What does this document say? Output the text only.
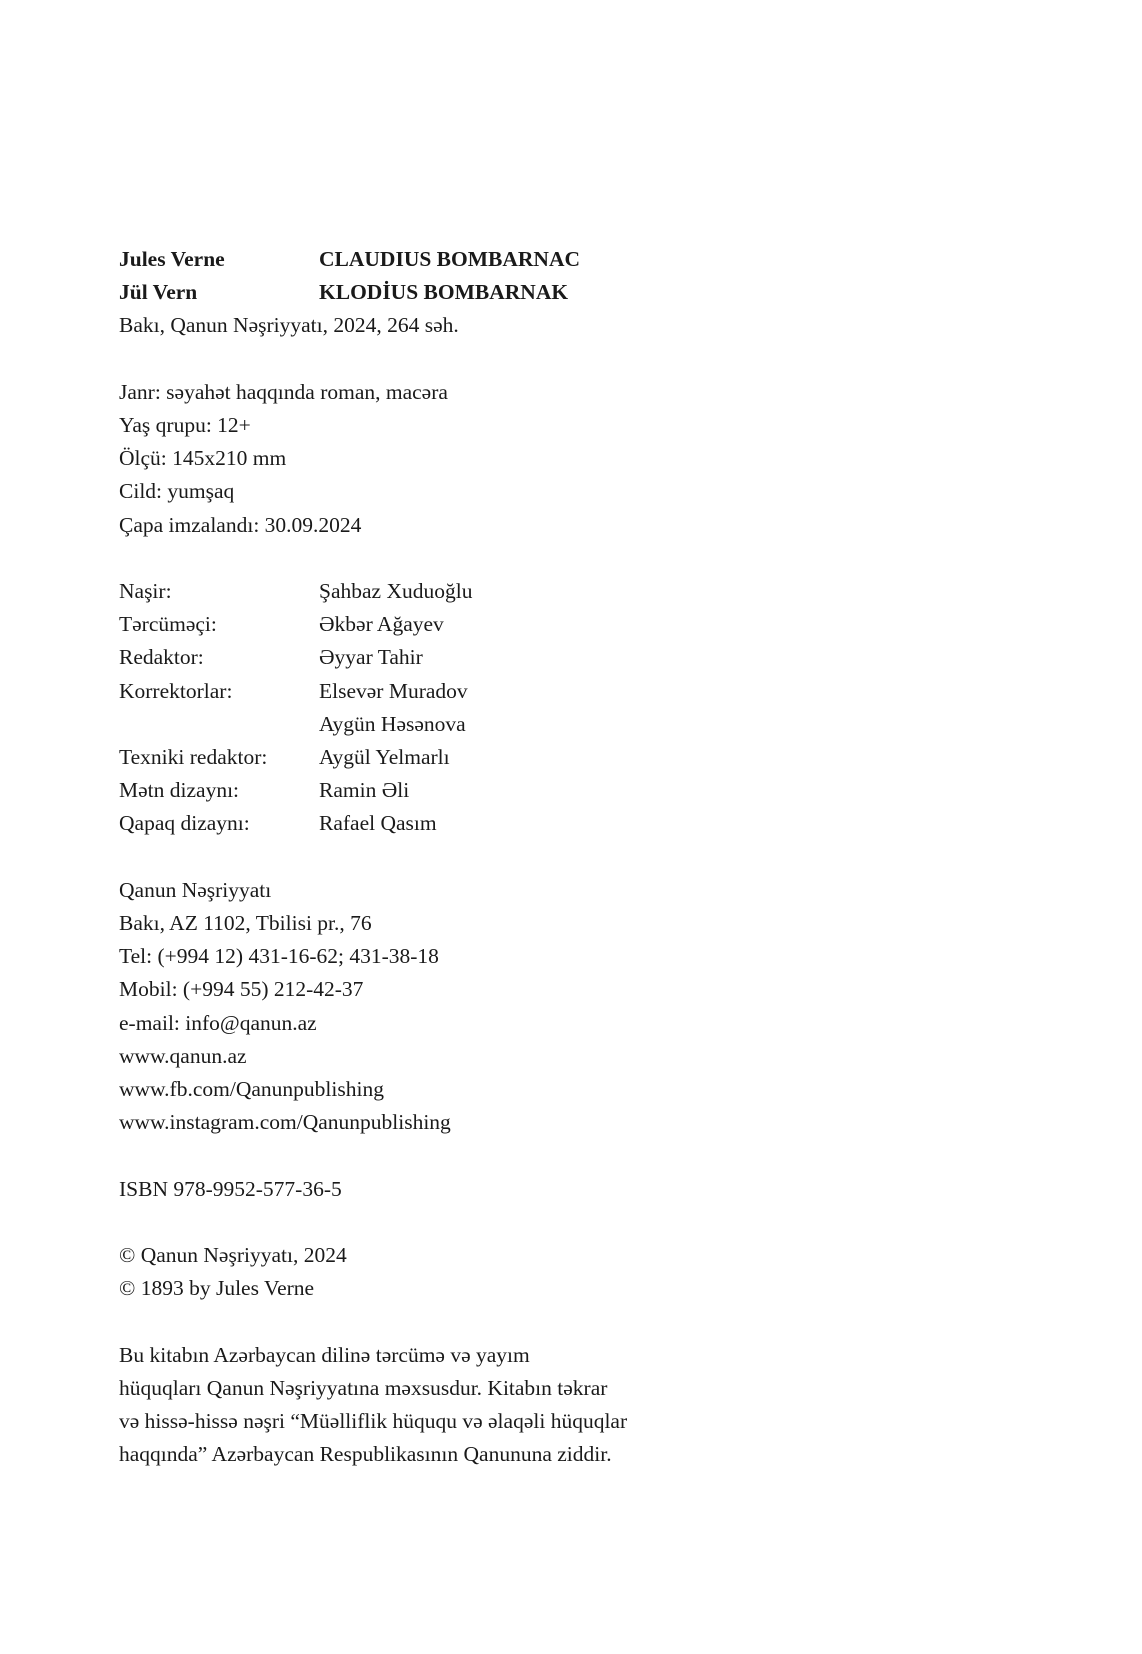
Jules Verne	CLAUDIUS BOMBARNAC
Jül Vern	KLODİUS BOMBARNAK
Bakı, Qanun Nəşriyyatı, 2024, 264 səh.
Janr: səyahət haqqında roman, macəra
Yaş qrupu: 12+
Ölçü: 145x210 mm
Cild: yumşaq
Çapa imzalandı: 30.09.2024
Naşir:	Şahbaz Xuduoğlu
Tərcüməçi:	Əkbər Ağayev
Redaktor:	Əyyar Tahir
Korrektorlar:	Elsevər Muradov
Aygün Həsənova
Texniki redaktor:	Aygül Yelmarlı
Mətn dizaynı:	Ramin Əli
Qapaq dizaynı:	Rafael Qasım
Qanun Nəşriyyatı
Bakı, AZ 1102, Tbilisi pr., 76
Tel: (+994 12) 431-16-62; 431-38-18
Mobil: (+994 55) 212-42-37
e-mail: info@qanun.az
www.qanun.az
www.fb.com/Qanunpublishing
www.instagram.com/Qanunpublishing
ISBN 978-9952-577-36-5
© Qanun Nəşriyyatı, 2024
© 1893 by Jules Verne
Bu kitabın Azərbaycan dilinə tərcümə və yayım
hüquqları Qanun Nəşriyyatına məxsusdur. Kitabın təkrar
və hissə-hissə nəşri “Müəlliflik hüququ və əlaqəli hüquqlar
haqqında” Azərbaycan Respublikasının Qanununa ziddir.
